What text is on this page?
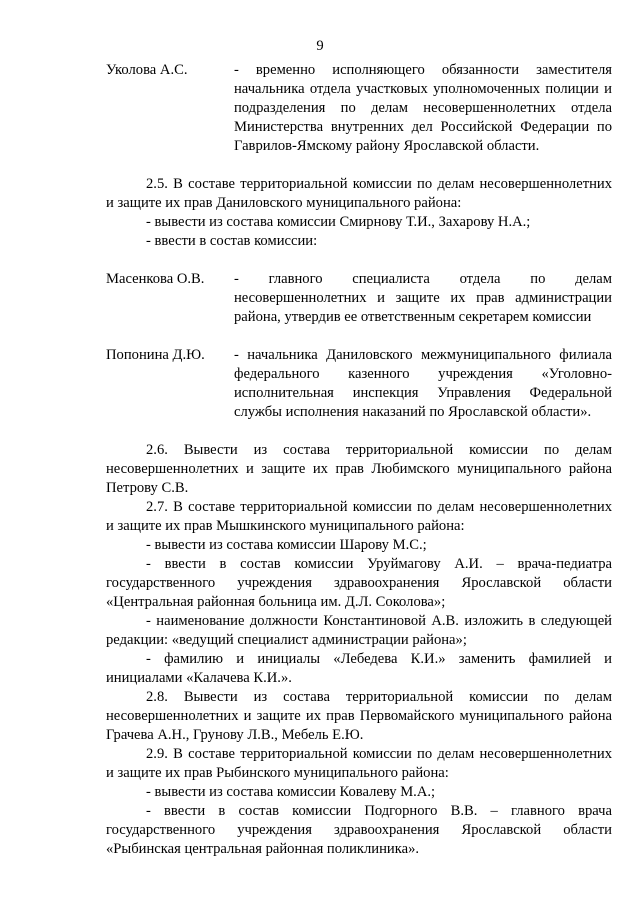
9
Уколова А.С.	- временно исполняющего обязанности заместителя начальника отдела участковых уполномоченных полиции и подразделения по делам несовершеннолетних отдела Министерства внутренних дел Российской Федерации по Гаврилов-Ямскому району Ярославской области.

2.5. В составе территориальной комиссии по делам несовершеннолетних и защите их прав Даниловского муниципального района:

- вывести из состава комиссии Смирнову Т.И., Захарову Н.А.;

- ввести в состав комиссии:

Масенкова О.В.	- главного специалиста отдела по делам несовершеннолетних и защите их прав администрации района, утвердив ее ответственным секретарем комиссии
Попонина Д.Ю.	- начальника Даниловского межмуниципального филиала федерального казенного учреждения «Уголовно-исполнительная инспекция Управления Федеральной службы исполнения наказаний по Ярославской области».

2.6. Вывести из состава территориальной комиссии по делам несовершеннолетних и защите их прав Любимского муниципального района Петрову С.В.

2.7. В составе территориальной комиссии по делам несовершеннолетних и защите их прав Мышкинского муниципального района:

- вывести из состава комиссии Шарову М.С.;

- ввести в состав комиссии Уруймагову А.И. – врача-педиатра государственного учреждения здравоохранения Ярославской области «Центральная районная больница им. Д.Л. Соколова»;

- наименование должности Константиновой А.В. изложить в следующей редакции: «ведущий специалист администрации района»;

- фамилию и инициалы «Лебедева К.И.» заменить фамилией и инициалами «Калачева К.И.».

2.8. Вывести из состава территориальной комиссии по делам несовершеннолетних и защите их прав Первомайского муниципального района Грачева А.Н., Грунову Л.В., Мебель Е.Ю.

2.9. В составе территориальной комиссии по делам несовершеннолетних и защите их прав Рыбинского муниципального района:

- вывести из состава комиссии Ковалеву М.А.;

- ввести в состав комиссии Подгорного В.В. – главного врача государственного учреждения здравоохранения Ярославской области «Рыбинская центральная районная поликлиника».
